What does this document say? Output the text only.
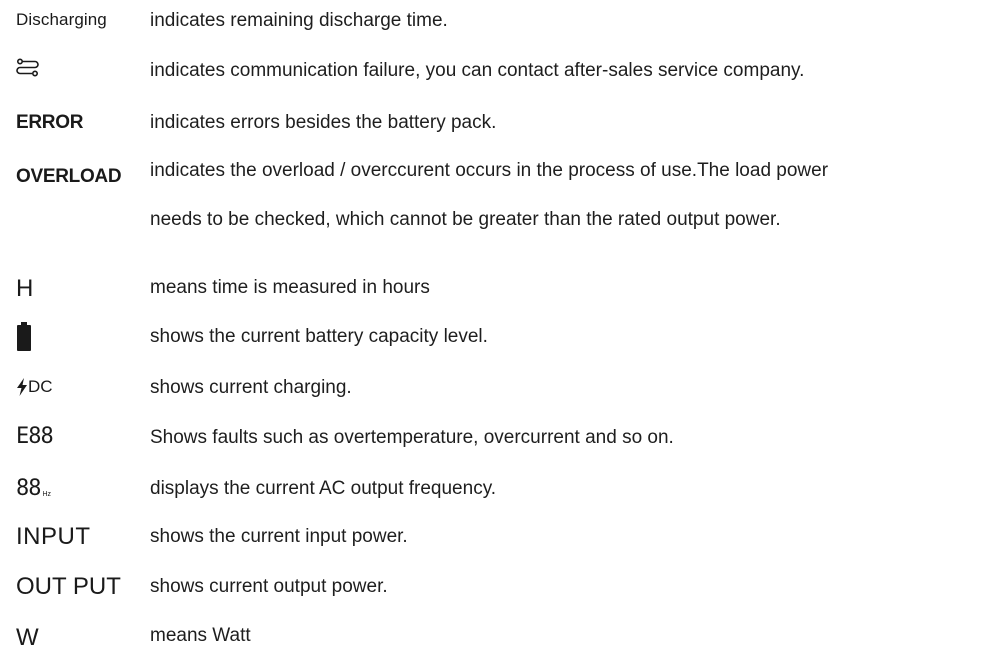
Discharging indicates remaining discharge time.
indicates communication failure, you can contact after-sales service company.
ERROR	indicates errors besides the battery pack.
OVERLOAD indicates the overload / overccurent occurs in the process of use.The load power
needs to be checked, which cannot be greater than the rated output power.
H	means time is measured in hours
shows the current battery capacity level.
DC	shows current charging.
E88	Shows faults such as overtemperature, overcurrent and so on.
88 Hz	displays the current AC output frequency.
INPUT	shows the current input power.
OUT PUT shows current output power.
W	means Watt
